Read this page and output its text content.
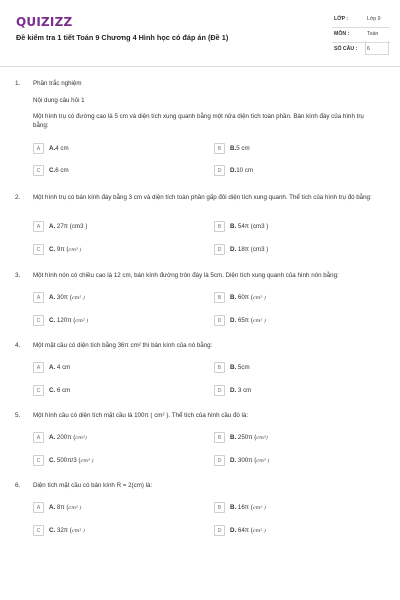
QUIZIZZ
Đề kiểm tra 1 tiết Toán 9 Chương 4 Hình học có đáp án (Đề 1)
LỚP :	Lớp 9
MÔN :	Toán
SỐ CÂU : 6
1. Phần trắc nghiệm
Nội dung câu hỏi 1
Một hình trụ có đường cao là 5 cm và diện tích xung quanh bằng một nửa diện tích toàn phần. Bán kính đáy của hình trụ bằng:
A	A.4 cm	B	B.5 cm
C	C.6 cm	D	D.10 cm
2. Một hình trụ có bán kính đáy bằng 3 cm và diện tích toàn phần gấp đôi diện tích xung quanh. Thể tích của hình trụ đó bằng:
A	A. 27π (cm3 )	B	B. 54π (cm3 )
C	C. 9π (cm³ )	D	D. 18π (cm3 )
3. Một hình nón có chiều cao là 12 cm, bán kính đường tròn đáy là 5cm. Diện tích xung quanh của hình nón bằng:
A	A. 30π (cm² )	B	B. 60π (cm² )
C	C. 120π (cm² )	D	D. 65π (cm² )
4. Một mặt cầu có diện tích bằng 36π cm² thì bán kính của nó bằng:
A	A. 4 cm	B	B. 5cm
C	C. 6 cm	D	D. 3 cm
5. Một hình cầu có diện tích mặt cầu là 100π ( cm² ). Thể tích của hình cầu đó là:
A	A. 200π (cm³)	B	B. 250π (cm³)
C	C. 500π/3 (cm³ )	D	D. 300π (cm³ )
6. Diện tích mặt cầu có bán kính R = 2(cm) là:
A	A. 8π (cm² )	B	B. 16π (cm² )
C	C. 32π (cm² )	D	D. 64π (cm² )
